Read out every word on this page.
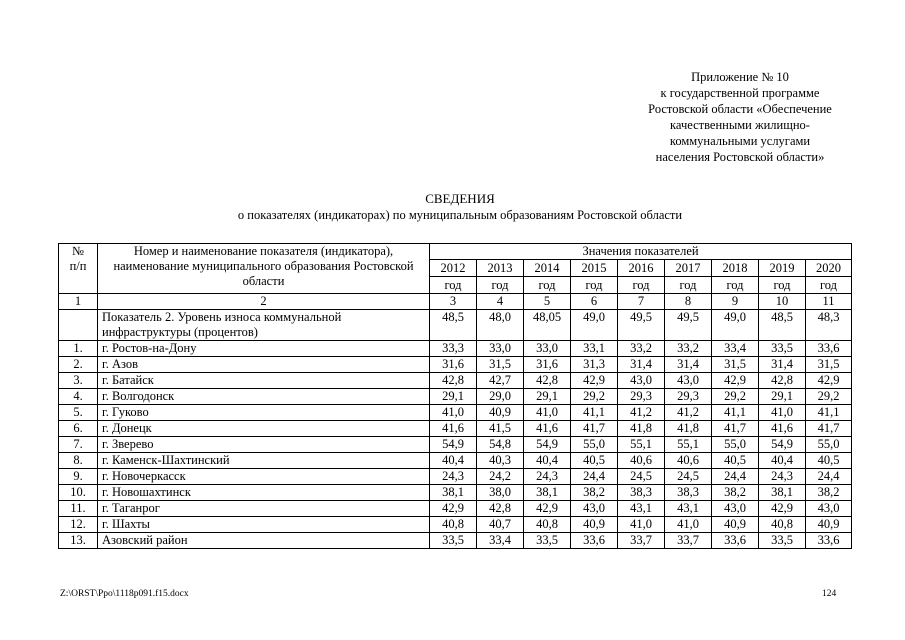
Приложение № 10
к государственной программе
Ростовской области «Обеспечение
качественными жилищно-
коммунальными услугами
населения Ростовской области»
СВЕДЕНИЯ
о показателях (индикаторах) по муниципальным образованиям Ростовской области
№
п/п	Номер и наименование показателя (индикатора), наименование муниципального образования Ростовской области	Значения показателей								
		2012	2013	2014	2015	2016	2017	2018	2019	2020
		год	год	год	год	год	год	год	год	год
1	2	3	4	5	6	7	8	9	10	11
	Показатель 2. Уровень износа коммунальной инфраструктуры (процентов)	48,5	48,0	48,05	49,0	49,5	49,5	49,0	48,5	48,3
1.	г. Ростов-на-Дону	33,3	33,0	33,0	33,1	33,2	33,2	33,4	33,5	33,6
2.	г. Азов	31,6	31,5	31,6	31,3	31,4	31,4	31,5	31,4	31,5
3.	г. Батайск	42,8	42,7	42,8	42,9	43,0	43,0	42,9	42,8	42,9
4.	г. Волгодонск	29,1	29,0	29,1	29,2	29,3	29,3	29,2	29,1	29,2
5.	г. Гуково	41,0	40,9	41,0	41,1	41,2	41,2	41,1	41,0	41,1
6.	г. Донецк	41,6	41,5	41,6	41,7	41,8	41,8	41,7	41,6	41,7
7.	г. Зверево	54,9	54,8	54,9	55,0	55,1	55,1	55,0	54,9	55,0
8.	г. Каменск-Шахтинский	40,4	40,3	40,4	40,5	40,6	40,6	40,5	40,4	40,5
9.	г. Новочеркасск	24,3	24,2	24,3	24,4	24,5	24,5	24,4	24,3	24,4
10.	г. Новошахтинск	38,1	38,0	38,1	38,2	38,3	38,3	38,2	38,1	38,2
11.	г. Таганрог	42,9	42,8	42,9	43,0	43,1	43,1	43,0	42,9	43,0
12.	г. Шахты	40,8	40,7	40,8	40,9	41,0	41,0	40,9	40,8	40,9
13.	Азовский район	33,5	33,4	33,5	33,6	33,7	33,7	33,6	33,5	33,6
Z:\ORST\Ppo\1118p091.f15.docx	124
